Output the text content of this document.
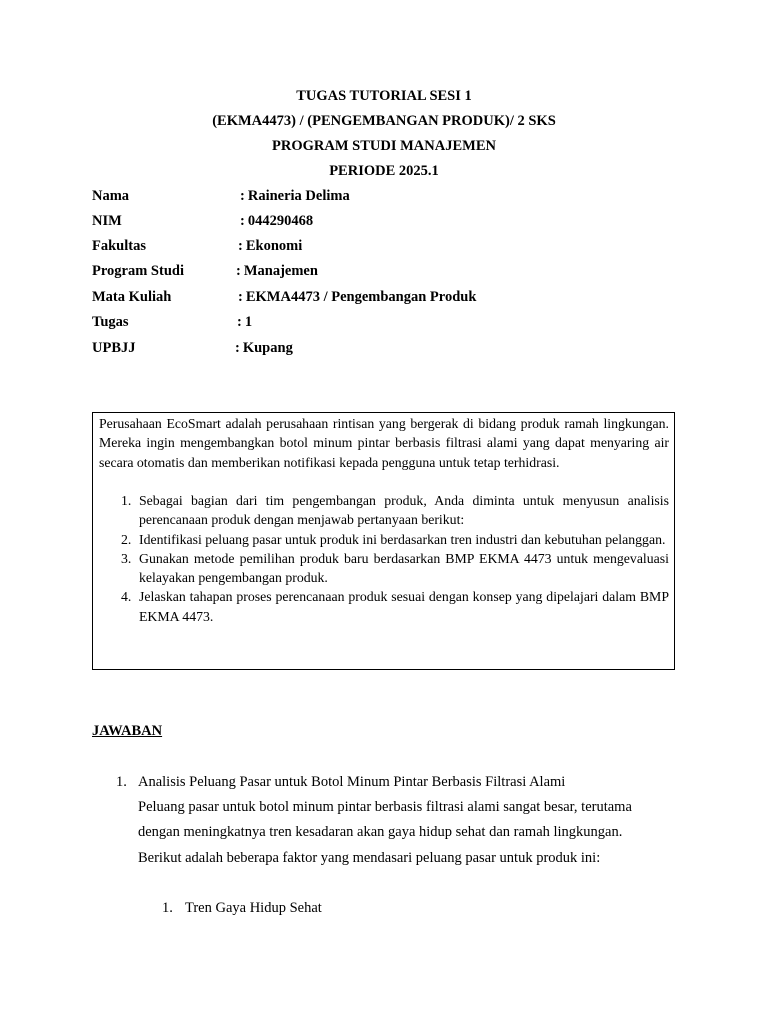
TUGAS TUTORIAL SESI 1
(EKMA4473) / (PENGEMBANGAN PRODUK)/ 2 SKS
PROGRAM STUDI MANAJEMEN
PERIODE 2025.1
Nama	: Raineria Delima
NIM	: 044290468
Fakultas	: Ekonomi
Program Studi	: Manajemen
Mata Kuliah	: EKMA4473 / Pengembangan Produk
Tugas	: 1
UPBJJ	: Kupang
Perusahaan EcoSmart adalah perusahaan rintisan yang bergerak di bidang produk ramah lingkungan. Mereka ingin mengembangkan botol minum pintar berbasis filtrasi alami yang dapat menyaring air secara otomatis dan memberikan notifikasi kepada pengguna untuk tetap terhidrasi.
1. Sebagai bagian dari tim pengembangan produk, Anda diminta untuk menyusun analisis perencanaan produk dengan menjawab pertanyaan berikut:
2. Identifikasi peluang pasar untuk produk ini berdasarkan tren industri dan kebutuhan pelanggan.
3. Gunakan metode pemilihan produk baru berdasarkan BMP EKMA 4473 untuk mengevaluasi kelayakan pengembangan produk.
4. Jelaskan tahapan proses perencanaan produk sesuai dengan konsep yang dipelajari dalam BMP EKMA 4473.
JAWABAN
1. Analisis Peluang Pasar untuk Botol Minum Pintar Berbasis Filtrasi Alami
Peluang pasar untuk botol minum pintar berbasis filtrasi alami sangat besar, terutama
dengan meningkatnya tren kesadaran akan gaya hidup sehat dan ramah lingkungan.
Berikut adalah beberapa faktor yang mendasari peluang pasar untuk produk ini:
1. Tren Gaya Hidup Sehat
